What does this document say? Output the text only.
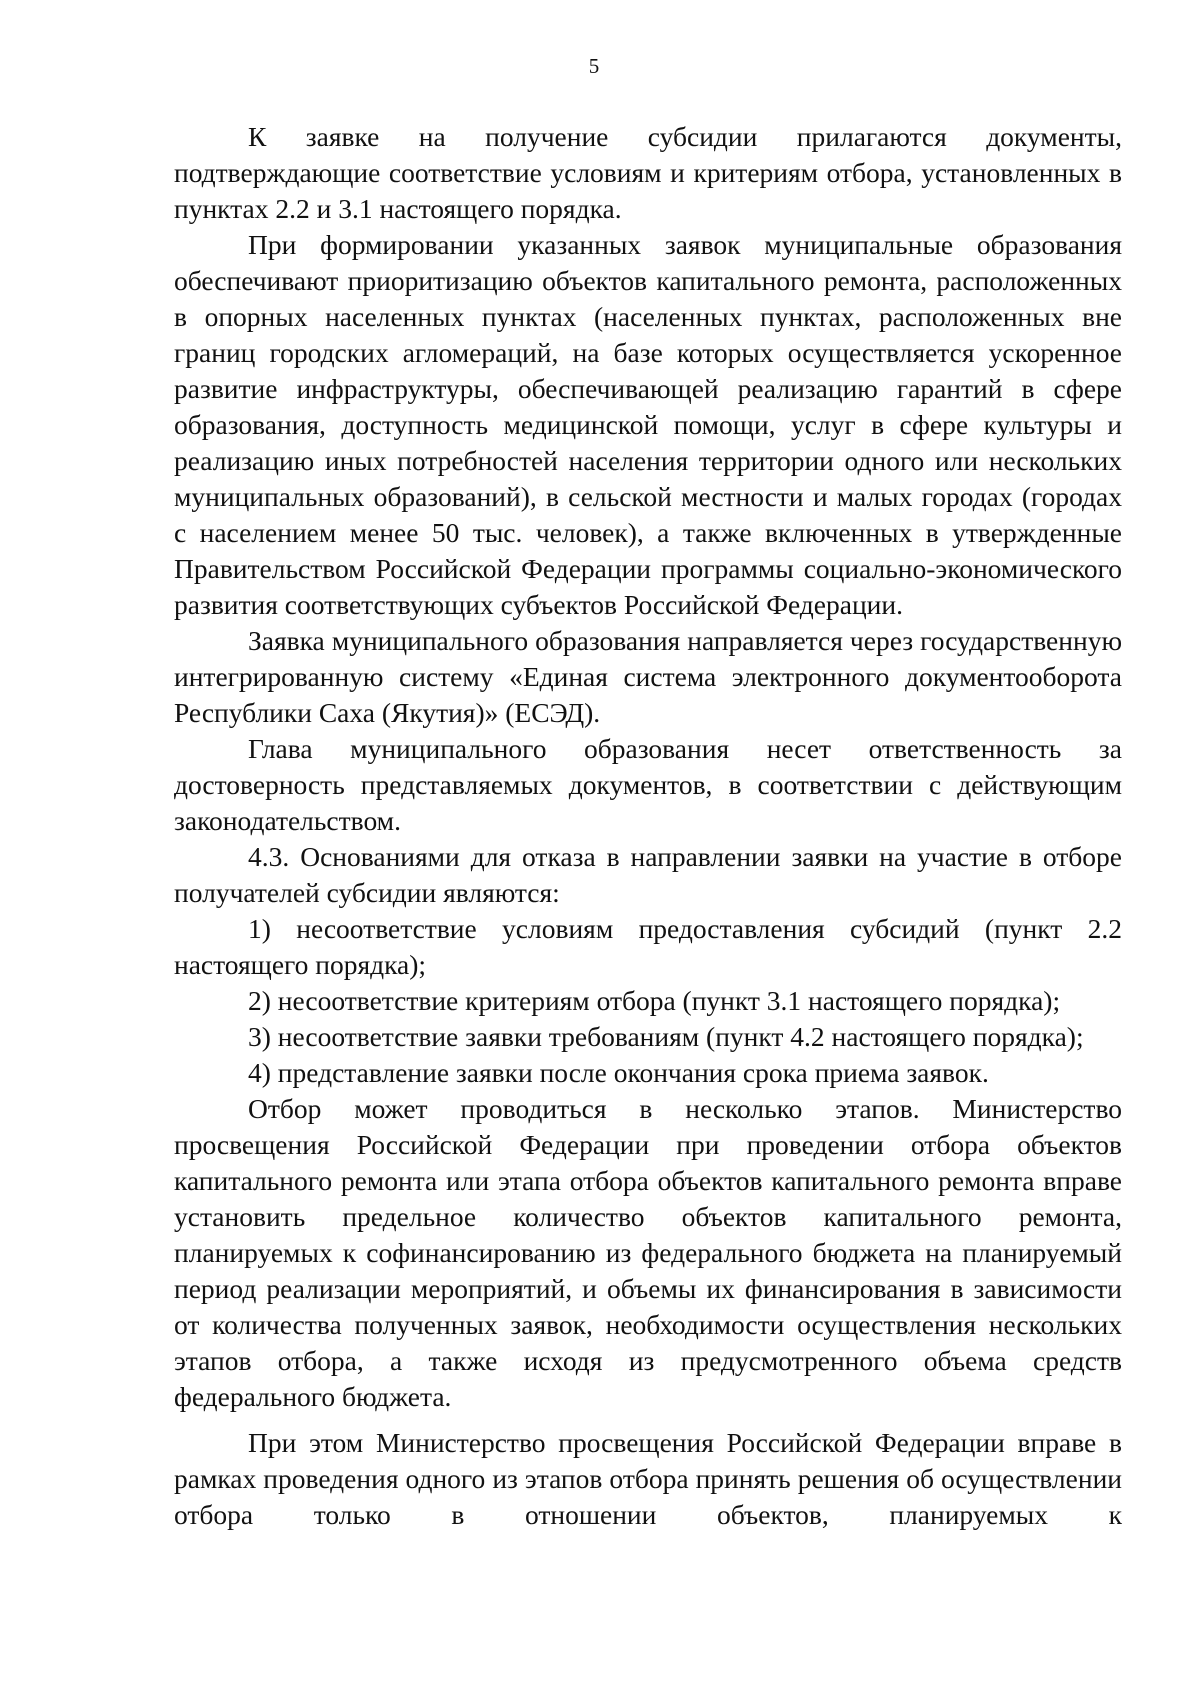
5

К заявке на получение субсидии прилагаются документы, подтверждающие соответствие условиям и критериям отбора, установленных в пунктах 2.2 и 3.1 настоящего порядка.

При формировании указанных заявок муниципальные образования обеспечивают приоритизацию объектов капитального ремонта, расположенных в опорных населенных пунктах (населенных пунктах, расположенных вне границ городских агломераций, на базе которых осуществляется ускоренное развитие инфраструктуры, обеспечивающей реализацию гарантий в сфере образования, доступность медицинской помощи, услуг в сфере культуры и реализацию иных потребностей населения территории одного или нескольких муниципальных образований), в сельской местности и малых городах (городах с населением менее 50 тыс. человек), а также включенных в утвержденные Правительством Российской Федерации программы социально-экономического развития соответствующих субъектов Российской Федерации.

Заявка муниципального образования направляется через государственную интегрированную систему «Единая система электронного документооборота Республики Саха (Якутия)» (ЕСЭД).

Глава муниципального образования несет ответственность за достоверность представляемых документов, в соответствии с действующим законодательством.

4.3. Основаниями для отказа в направлении заявки на участие в отборе получателей субсидии являются:

1) несоответствие условиям предоставления субсидий (пункт 2.2 настоящего порядка);

2) несоответствие критериям отбора (пункт 3.1 настоящего порядка);

3) несоответствие заявки требованиям (пункт 4.2 настоящего порядка);

4) представление заявки после окончания срока приема заявок.

Отбор может проводиться в несколько этапов. Министерство просвещения Российской Федерации при проведении отбора объектов капитального ремонта или этапа отбора объектов капитального ремонта вправе установить предельное количество объектов капитального ремонта, планируемых к софинансированию из федерального бюджета на планируемый период реализации мероприятий, и объемы их финансирования в зависимости от количества полученных заявок, необходимости осуществления нескольких этапов отбора, а также исходя из предусмотренного объема средств федерального бюджета.

При этом Министерство просвещения Российской Федерации вправе в рамках проведения одного из этапов отбора принять решения об осуществлении отбора только в отношении объектов, планируемых к
